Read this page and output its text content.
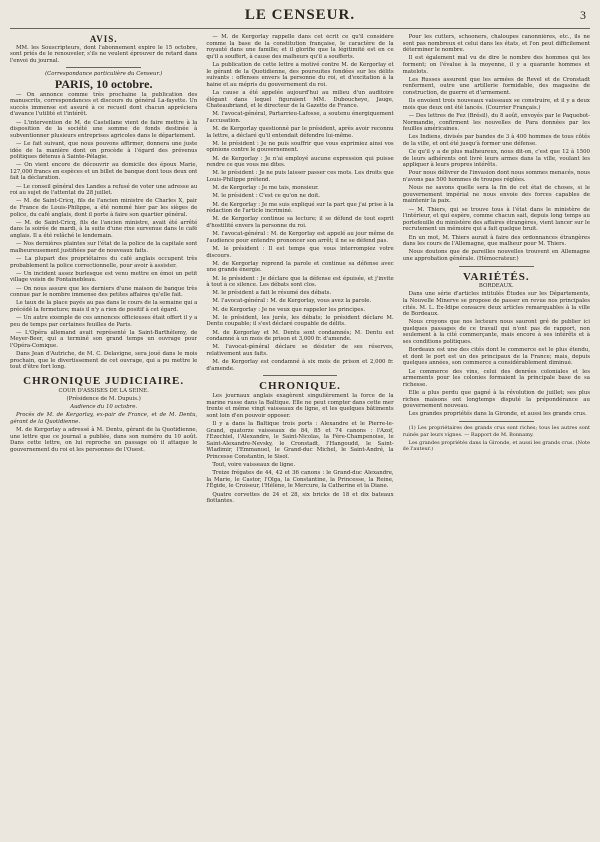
LE CENSEUR.	3
AVIS.

MM. les Souscripteurs, dont l'abonnement expire le 15 octobre, sont priés de le renouveler, s'ils ne veulent éprouver de retard dans l'envoi du journal.

(Correspondance particulière du Censeur.)

PARIS, 10 octobre.

— On annonce comme très prochaine la publication des manuscrits, correspondances et discours du général La-fayette. Un succès immense est assuré à ce recueil dont chacun appréciera d'avance l'utilité et l'intérêt.

— L'intervention de M. de Castellane vient de faire mettre à la disposition de la société une somme de fonds destinée à subventionner plusieurs entreprises agricoles dans le département.

— Le fait suivant, que nous pouvons affirmer, donnera une juste idée de la manière dont on procède à l'égard des prévenus politiques détenus à Sainte-Pélagie.

— On vient encore de découvrir au domicile des époux Marie, 127,000 francs en espèces et un billet de banque dont tous deux ont fait la déclaration.

— Le conseil général des Landes a refusé de voter une adresse au roi au sujet de l'attentat du 28 juillet.

— M. de Saint-Cricq, fils de l'ancien ministre de Charles X, pair de France de Louis-Philippe, a été nommé hier par les sièges de police, du café anglais, dont il porte à faire son quartier général.

— M. de Saint-Cricq, fils de l'ancien ministre, avait été arrêté dans la soirée de mardi, à la suite d'une rixe survenue dans le café anglais. Il a été relâché le lendemain.

— Nos dernières plaintes sur l'état de la police de la capitale sont malheureusement justifiées par de nouveaux faits.

— La plupart des propriétaires du café anglais occupent très probablement la police correctionnelle, pour avoir à assister.

— Un incident assez burlesque est venu mettre en émoi un petit village voisin de Fontainebleau.

— On nous assure que les derniers d'une maison de banque très connue par le nombre immense des petites affaires qu'elle fait.

Le taux de la place payés au pas dans le cours de la semaine qui a précédé la fermeture; mais il n'y a rien de positif à cet égard.

— Un autre exemple de ces annonces officieuses était offert il y a peu de temps par certaines feuilles de Paris.

— L'Opéra allemand avait représenté la Saint-Barthélemy, de Meyer-Beer, qui a terminé son grand temps un ouvrage pour l'Opéra-Comique.

Dans Jean d'Autriche, de M. C. Delavigne, sera joué dans le mois prochain, que le divertissement de cet ouvrage, qui a pu mettre le tout d'être fort long.

CHRONIQUE JUDICIAIRE.

COUR D'ASSISES DE LA SEINE.

(Présidence de M. Dupuis.)

Audience du 10 octobre.

Procès de M. de Kergorlay, ex-pair de France, et de M. Dentu, gérant de la Quotidienne.

M. de Kergorlay a adressé à M. Dentu, gérant de la Quotidienne, une lettre que ce journal a publiée, dans son numéro du 10 août. Dans cette lettre, on lui reproche un passage où il attaque le gouvernement du roi et les personnes de l'Ouest.

— M. de Kergorlay rappelle dans cet écrit ce qu'il considère comme la base de la constitution française, le caractère de la royauté dans une famille; et il glorifie que la légitimité est en ce qu'il a souffert, à cause des malheurs qu'il a soufferts.

La publication de cette lettre a motivé contre M. de Kergorlay et le gérant de la Quotidienne, des poursuites fondées sur les délits suivants : offenses envers la personne du roi, et d'excitation à la haine et au mépris du gouvernement du roi.

La cause a été appelée aujourd'hui au milieu d'un auditoire élégant dans lequel figuraient MM. Duboucheye, Jauge, Chateaubriand, et le directeur de la Gazette de France.

M. l'avocat-général, Partarrieu-Lafosse, a soutenu énergiquement l'accusation.

M. de Kergorlay questionné par le président, après avoir reconnu la lettre, a déclaré qu'il entendait défendre lui-même.

M. le président : Je ne puis souffrir que vous exprimiez ainsi vos opinions contre le gouvernement.

M. de Kergorlay : Je n'ai employé aucune expression qui puisse rendre ce que vous me dites.

M. le président : Je ne puis laisser passer ces mots. Les droits que Louis-Philippe prétend.

M. de Kergorlay : Je me tais, monsieur.

M. le président : C'est ce qu'on ne doit.

M. de Kergorlay : Je me suis expliqué sur la part que j'ai prise à la rédaction de l'article incriminé.

M. de Kergorlay continue sa lecture; il se défend de tout esprit d'hostilité envers la personne du roi.

M. l'avocat-général : M. de Kergorlay est appelé au jour même de l'audience pour entendre prononcer son arrêt; il ne se défend pas.

M. le président : Il est temps que vous interrompiez votre discours.

M. de Kergorlay reprend la parole et continue sa défense avec une grande énergie.

M. le président : Je déclare que la défense est épuisée, et j'invite à tout à ce silence. Les débats sont clos.

M. le président a fait le résumé des débats.

M. l'avocat-général : M. de Kergorlay, vous avez la parole.

M. de Kergorlay : Je ne veux que rappeler les principes.

M. le président, les jurés, les débats; le président déclare M. Dentu coupable; il s'est déclaré coupable de délits.

M. de Kergorlay et M. Dentu sont condamnés; M. Dentu est condamné à un mois de prison et 3,000 fr. d'amende.

M. l'avocat-général déclare se désister de ses réserves, relativement aux faits.

M. de Kergorlay est condamné à six mois de prison et 2,000 fr. d'amende.

CHRONIQUE.

Les journaux anglais exagèrent singulièrement la force de la marine russe dans la Baltique. Elle ne peut compter dans cette mer trente et même vingt vaisseaux de ligne, et les quelques bâtiments sont loin d'en pouvoir opposer.

Il y a dans la Baltique trois ports : Alexandre et le Pierre-le-Grand, quatorze vaisseaux de 84, 85 et 74 canons : l'Azof, l'Ezechiel, l'Alexandre, le Saint-Nicolas, la Fère-Champenoise, le Saint-Alexandre-Nevsky, le Cronstadt, l'Hangoudd, le Saint-Wladimir, l'Emmanuel, le Grand-duc Michel, le Saint-André, la Princesse Constantin, le Sisoï.

Tout, voire vaisseaux de ligne.

Treize frégates de 44, 42 et 36 canons : le Grand-duc Alexandre, la Marie, le Castor, l'Olga, la Constantine, la Princesse, la Reine, l'Égide, le Croiseur, l'Hélène, le Mercure, la Catherine et la Diane.

Quatre corvettes de 24 et 28, six bricks de 18 et dix bateaux flottantes.

Pour les cutters, schooners, chaloupes canonnières, etc., ils ne sont pas nombreux et celui dans les états, et l'on peut difficilement déterminer le nombre.

Il est également mal vu de dire le nombre des hommes qui les forment; on l'évalue à la moyenne, il y a quarante hommes et matelots.

Les Russes assurent que les armées de Revel et de Cronstadt renferment, outre une artillerie formidable, des magasins de construction, de guerre et d'armement.

Ils envoient trois nouveaux vaisseaux se construire, et il y a deux mois que deux ont été lancés. (Courrier Français.)

— Des lettres de Fez (Brésil), du 8 août, envoyés par le Paquebot-Normandie, confirment les nouvelles de Para données par les feuilles américaines.

Les Indiens, divisés par bandes de 3 à 400 hommes de tous côtés de la ville, et ont été jusqu'à former une défense.

Ce qu'il y a de plus malheureux, nous dit-on, c'est que 12 à 1500 de leurs adhérents ont livré leurs armes dans la ville, voulant les appliquer à leurs propres intérêts.

Pour nous délivrer de l'invasion dont nous sommes menacés, nous n'avons pas 500 hommes de troupes réglées.

Nous ne savons quelle sera la fin de cet état de choses, si le gouvernement impérial ne nous envoie des forces capables de maintenir la paix.

— M. Thiers, qui se trouve tous à l'état dans le ministère de l'intérieur, et qui espère, comme chacun sait, depuis long temps au portefeuille du ministère des affaires étrangères, vient lancer sur le recrutement un mémoire qui a fait quelque bruit.

En un mot, M. Thiers aurait à faire des ordonnances étrangères dans les cours de l'Allemagne, que malheur pour M. Thiers.

Nous doutons que de pareilles nouvelles trouvent en Allemagne une approbation générale. (Hémocrateur.)

VARIÉTÉS.

BORDEAUX.

Dans une série d'articles intitulés Études sur les Départements, la Nouvelle Minerve se propose de passer en revue nos principales cités. M. L. Ex-Idipe consacre deux articles remarquables à la ville de Bordeaux.

Nous croyons que nos lecteurs nous sauront gré de publier ici quelques passages de ce travail qui n'ont pas de rapport, non seulement à la cité commerçante, mais encore à ses intérêts et à ses conditions politiques.

Bordeaux est une des cités dont le commerce est le plus étendu, et dont le port est un des principaux de la France; mais, depuis quelques années, son commerce a considérablement diminué.

Le commerce des vins, celui des denrées coloniales et les armements pour les colonies formaient la principale base de sa richesse.

Elle a plus perdu que gagné à la révolution de juillet; ses plus riches maisons ont longtemps disputé la prépondérance au gouvernement nouveau.

Les grandes propriétés dans la Gironde, et aussi les grands crus.

(1) Les propriétaires des grands crus sont riches; tous les autres sont ruinés par leurs vignes. — Rapport de M. Bonnamy.

Les grandes propriétés dans la Gironde, et aussi les grands crus. (Note de l'auteur.)
